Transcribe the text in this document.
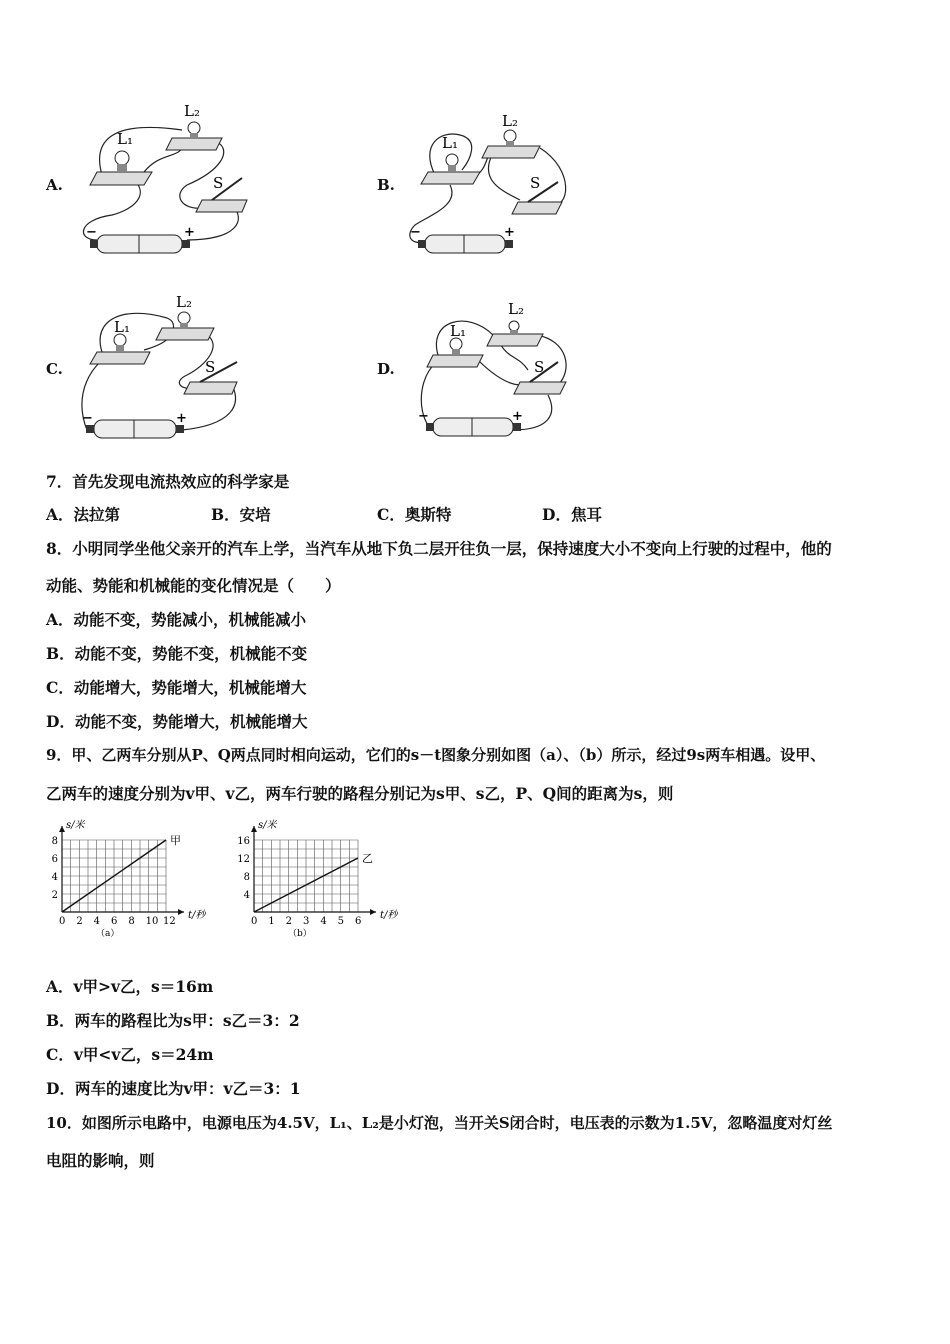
A.
L₁
L₂
S
−	+
B.
L₁
L₂
S
−	+
C.
L₁
L₂
S
−	+
D.
L₁
L₂
S
−	+
7．首先发现电流热效应的科学家是
A．法拉第	B．安培	C．奥斯特	D．焦耳
8．小明同学坐他父亲开的汽车上学，当汽车从地下负二层开往负一层，保持速度大小不变向上行驶的过程中，他的
动能、势能和机械能的变化情况是（　　）
A．动能不变，势能减小，机械能减小
B．动能不变，势能不变，机械能不变
C．动能增大，势能增大，机械能增大
D．动能不变，势能增大，机械能增大
9．甲、乙两车分别从P、Q两点同时相向运动，它们的s－t图象分别如图（a）、（b）所示，经过9s两车相遇。设甲、
乙两车的速度分别为v甲、v乙，两车行驶的路程分别记为s甲、s乙，P、Q间的距离为s，则
0 2 4 6 8 10 12
2
4
6
8
t/秒
s/米
甲
（a）
0 1 2 3 4 5 6
4
8
12
16
t/秒
s/米
乙
（b）
A．v甲>v乙，s＝16m
B．两车的路程比为s甲：s乙＝3：2
C．v甲<v乙，s＝24m
D．两车的速度比为v甲：v乙＝3：1
10．如图所示电路中，电源电压为4.5V，L₁、L₂是小灯泡，当开关S闭合时，电压表的示数为1.5V，忽略温度对灯丝
电阻的影响，则
